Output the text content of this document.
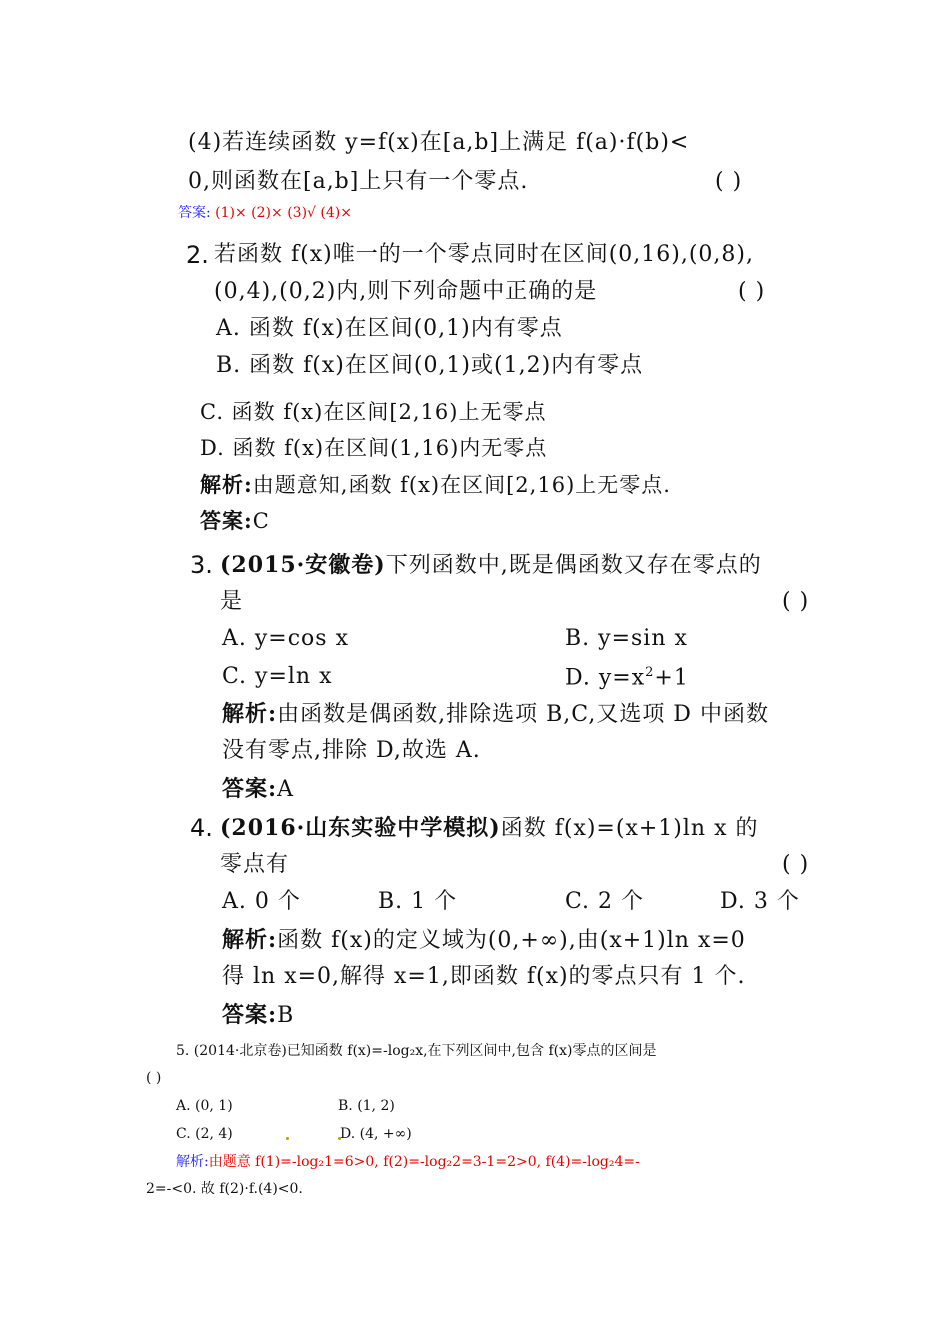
(4)若连续函数 y=f(x)在[a,b]上满足 f(a)·f(b)<
0,则函数在[a,b]上只有一个零点.	( )
答案: (1)× (2)× (3)√ (4)×
2. 若函数 f(x)唯一的一个零点同时在区间(0,16),(0,8),
(0,4),(0,2)内,则下列命题中正确的是	( )
A. 函数 f(x)在区间(0,1)内有零点
B. 函数 f(x)在区间(0,1)或(1,2)内有零点
C. 函数 f(x)在区间[2,16)上无零点
D. 函数 f(x)在区间(1,16)内无零点
解析:由题意知,函数 f(x)在区间[2,16)上无零点.
答案:C
3. (2015·安徽卷)下列函数中,既是偶函数又存在零点的
是	( )
A. y=cos x	B. y=sin x
C. y=ln x	D. $y=x^2+1$
解析:由函数是偶函数,排除选项 B,C,又选项 D 中函数
没有零点,排除 D,故选 A.
答案:A
4. (2016·山东实验中学模拟)函数 f(x)=(x+1)ln x 的
零点有	( )
A. 0 个	B. 1 个	C. 2 个	D. 3 个
解析:函数 f(x)的定义域为(0,+∞),由(x+1)ln x=0
得 ln x=0,解得 x=1,即函数 f(x)的零点只有 1 个.
答案:B
5. (2014·北京卷)已知函数 f(x)=-log₂x,在下列区间中,包含 f(x)零点的区间是
( )
A. (0, 1)	B. (1, 2)
C. (2, 4)	D. (4, +∞)
解析:由题意 f(1)=-log₂1=6>0, f(2)=-log₂2=3-1=2>0, f(4)=-log₂4=-
2=-<0. 故 f(2)·f.(4)<0.
